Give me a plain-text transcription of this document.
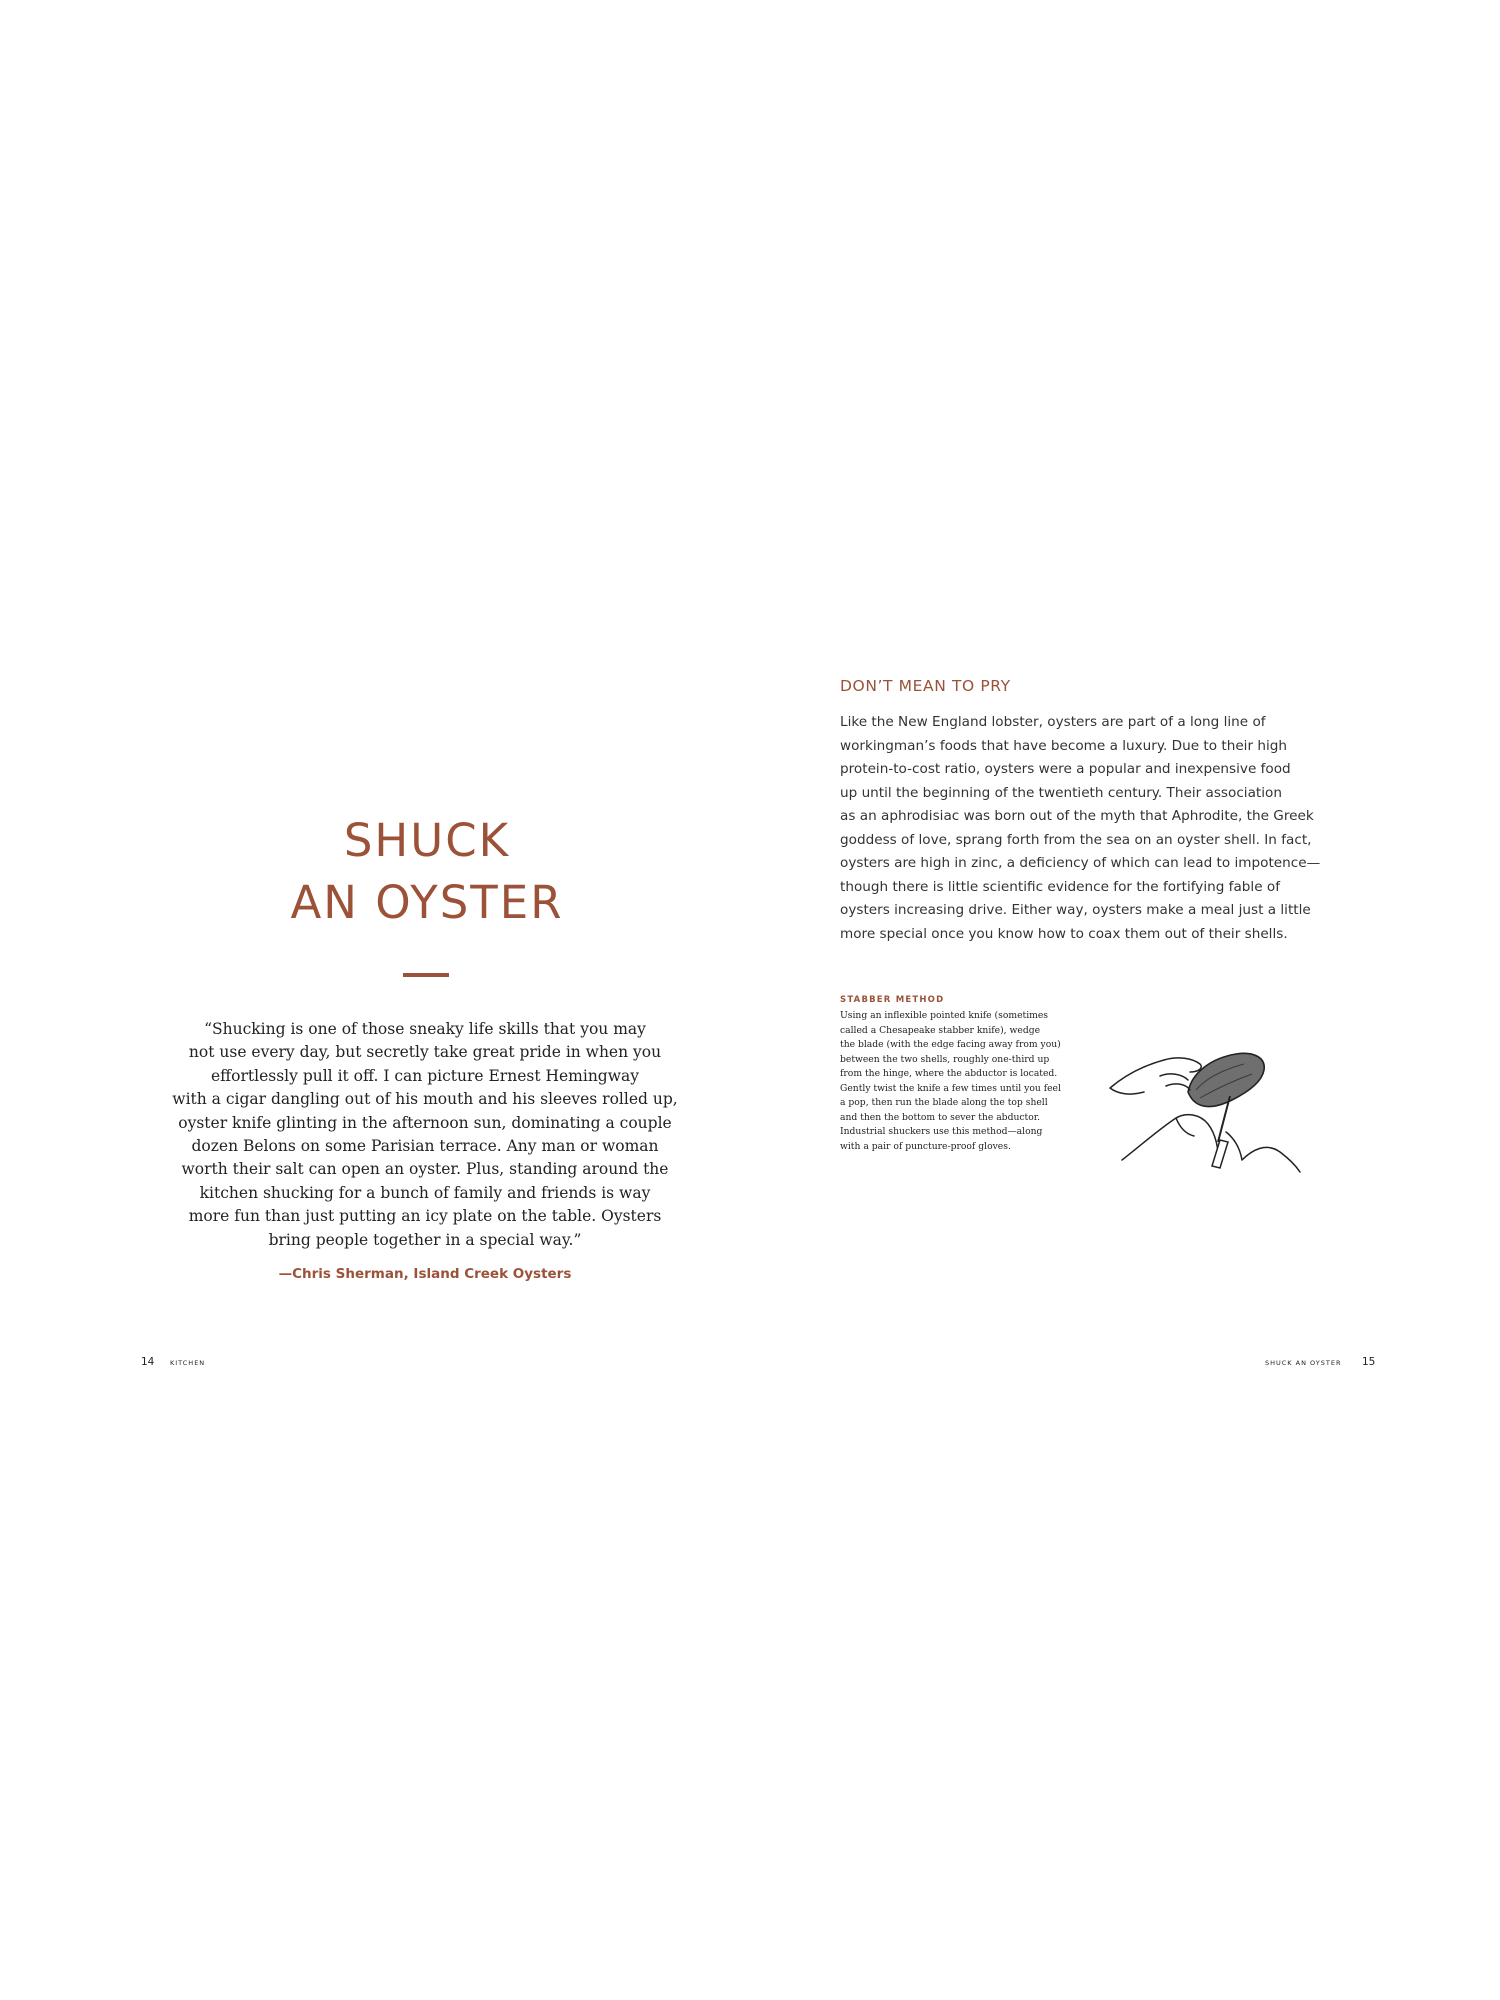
SHUCK
AN OYSTER

“Shucking is one of those sneaky life skills that you may
not use every day, but secretly take great pride in when you
effortlessly pull it off. I can picture Ernest Hemingway
with a cigar dangling out of his mouth and his sleeves rolled up,
oyster knife glinting in the afternoon sun, dominating a couple
dozen Belons on some Parisian terrace. Any man or woman
worth their salt can open an oyster. Plus, standing around the
kitchen shucking for a bunch of family and friends is way
more fun than just putting an icy plate on the table. Oysters
bring people together in a special way.”

—Chris Sherman, Island Creek Oysters
DON’T MEAN TO PRY

Like the New England lobster, oysters are part of a long line of
workingman’s foods that have become a luxury. Due to their high
protein-to-cost ratio, oysters were a popular and inexpensive food
up until the beginning of the twentieth century. Their association
as an aphrodisiac was born out of the myth that Aphrodite, the Greek
goddess of love, sprang forth from the sea on an oyster shell. In fact,
oysters are high in zinc, a deficiency of which can lead to impotence—
though there is little scientific evidence for the fortifying fable of
oysters increasing drive. Either way, oysters make a meal just a little
more special once you know how to coax them out of their shells.

STABBER METHOD

Using an inflexible pointed knife (sometimes
called a Chesapeake stabber knife), wedge
the blade (with the edge facing away from you)
between the two shells, roughly one-third up
from the hinge, where the abductor is located.
Gently twist the knife a few times until you feel
a pop, then run the blade along the top shell
and then the bottom to sever the abductor.
Industrial shuckers use this method—along
with a pair of puncture-proof gloves.

14 KITCHEN	SHUCK AN OYSTER 15
